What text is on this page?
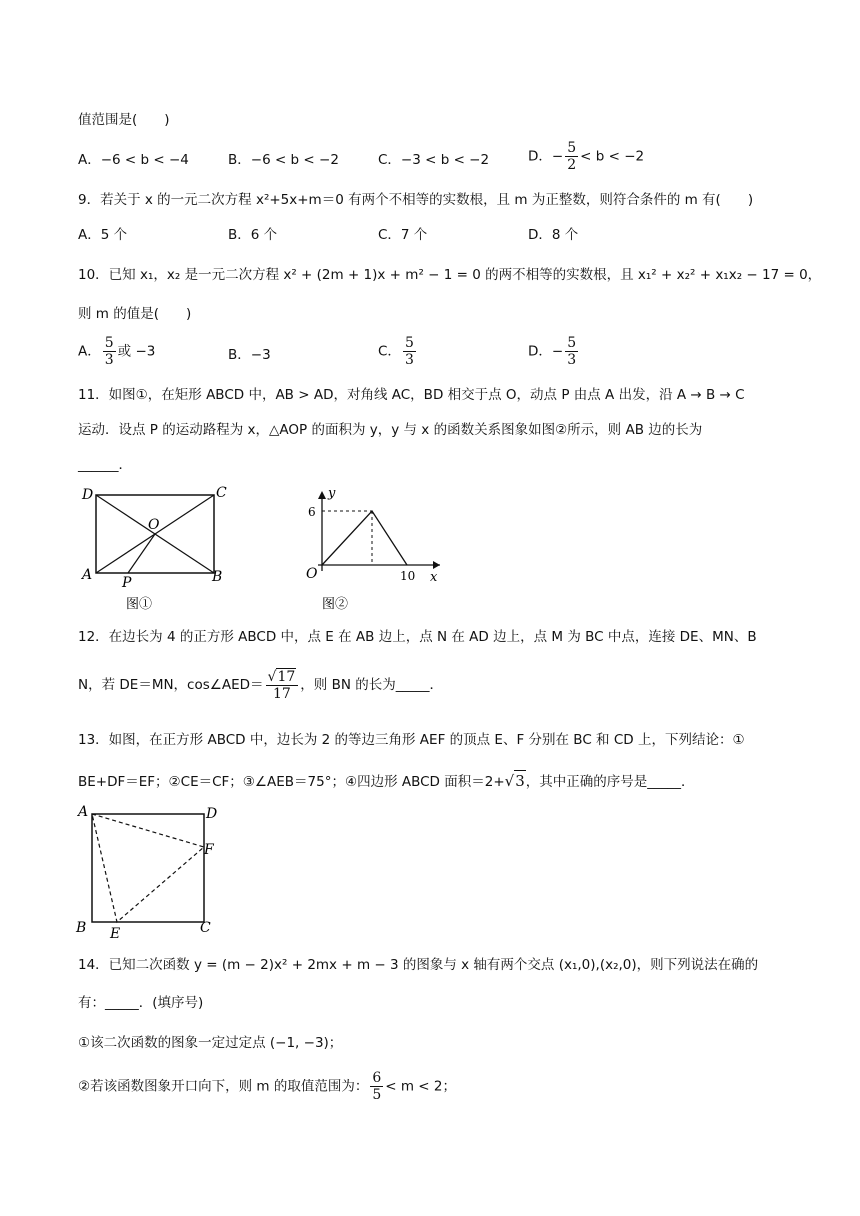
值范围是(　　)
A．−6 < b < −4	B．−6 < b < −2	C．−3 < b < −2	D．− $\frac{5}{2} < b < -2$
9．若关于 x 的一元二次方程 x²+5x+m＝0 有两个不相等的实数根，且 m 为正整数，则符合条件的 m 有(　　)
A．5 个	B．6 个	C．7 个	D．8 个
10．已知 x₁，x₂ 是一元二次方程 x² + (2m + 1)x + m² − 1 = 0 的两不相等的实数根，且 x₁² + x₂² + x₁x₂ − 17 = 0，
则 m 的值是(　　)
A． $\frac{5}{3}$ 或 −3	B．−3	C． $\frac{5}{3}$	D．− $\frac{5}{3}$
11．如图①，在矩形 ABCD 中，AB > AD，对角线 AC，BD 相交于点 O，动点 P 由点 A 出发，沿 A → B → C
运动．设点 P 的运动路程为 x，△AOP 的面积为 y，y 与 x 的函数关系图象如图②所示，则 AB 边的长为
______．
D	C
A	B
O
P
图①
y
x
O
6
10
图②
12．在边长为 4 的正方形 ABCD 中，点 E 在 AB 边上，点 N 在 AD 边上，点 M 为 BC 中点，连接 DE、MN、B
N，若 DE＝MN，cos∠AED＝ $\frac{√17}{17}$ ，则 BN 的长为_____．
13．如图，在正方形 ABCD 中，边长为 2 的等边三角形 AEF 的顶点 E、F 分别在 BC 和 CD 上，下列结论：①
BE+DF＝EF；②CE＝CF；③∠AEB＝75°；④四边形 ABCD 面积＝2+√3，其中正确的序号是_____．
A	D
F
B E	C
14．已知二次函数 y = (m − 2)x² + 2mx + m − 3 的图象与 x 轴有两个交点 (x₁,0),(x₂,0)，则下列说法在确的
有：_____．(填序号)
①该二次函数的图象一定过定点 (−1, −3)；
②若该函数图象开口向下，则 m 的取值范围为： $\frac{6}{5} < m < 2$；
